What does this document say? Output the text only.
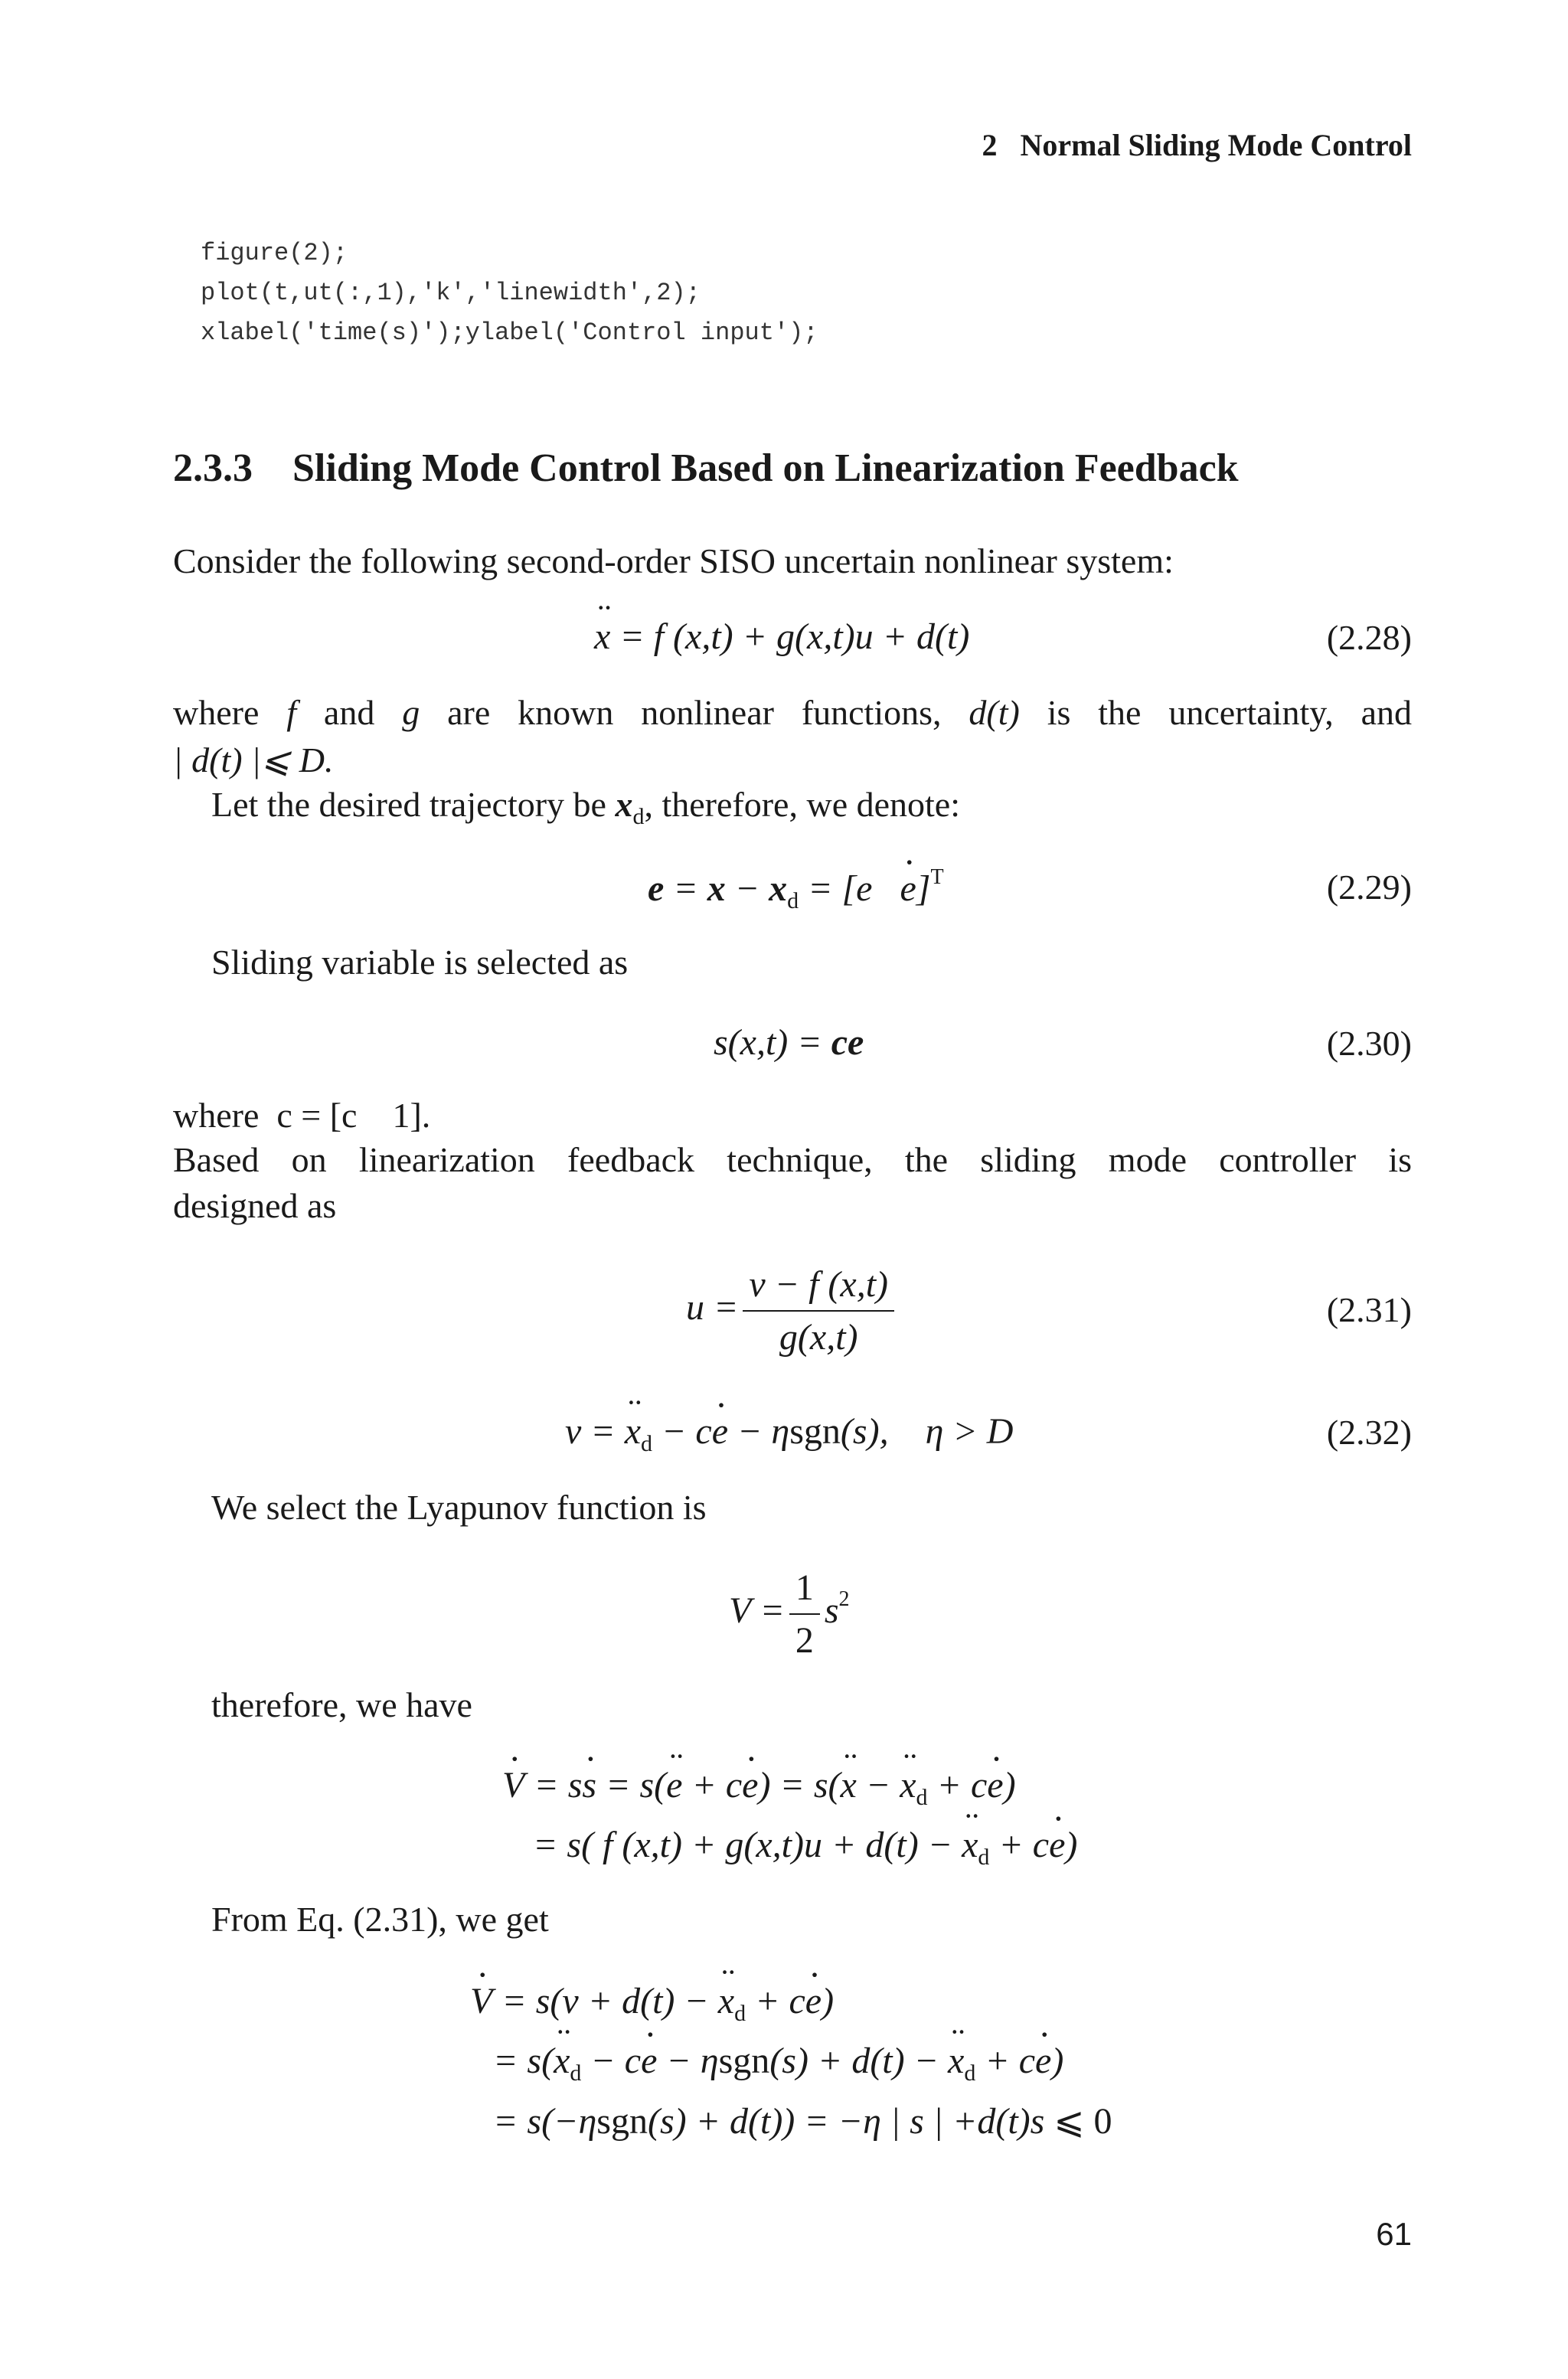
2   Normal Sliding Mode Control
figure(2);
plot(t,ut(:,1),'k','linewidth',2);
xlabel('time(s)');ylabel('Control input');
2.3.3    Sliding Mode Control Based on Linearization Feedback
Consider the following second-order SISO uncertain nonlinear system:
x ·· = f (x,t) + g(x,t)u + d(t)	(2.28)
where f and g are known nonlinear functions, d(t) is the uncertainty, and
| d(t) |⩽ D.
Let the desired trajectory be $x_d$, therefore, we denote:
$e = x - x_d = [e$   e ·]$^T$	(2.29)
Sliding variable is selected as
s(x,t) = ce	(2.30)
where  c = [c    1].
Based on linearization feedback technique, the sliding mode controller is
designed as
$u = \frac{v - f (x,t)}{g(x,t)}$	(2.31)
$v = x \cdot\cdot_d$ − ce · − ηsgn(s),    η > D	(2.32)
We select the Lyapunov function is
$V = \frac{1}{2} s^2$
therefore, we have
V · = ss · = s(e ·· + ce ·) = s(x ·· − $x \cdot\cdot_d$ + ce ·)
= s( f $(x,t) + g(x,t)u + d(t) - x \cdot\cdot_d$ + ce ·)
From Eq. (2.31), we get
V · = $s(v + d(t) - x \cdot\cdot_d$ + ce ·)
= $s(x \cdot\cdot_d$ − ce · − $\eta sgn(s) + d(t) - x \cdot\cdot_d$ + ce ·)
= s(−ηsgn(s) + d(t)) = −η | s | +d(t)s ⩽ 0
61
